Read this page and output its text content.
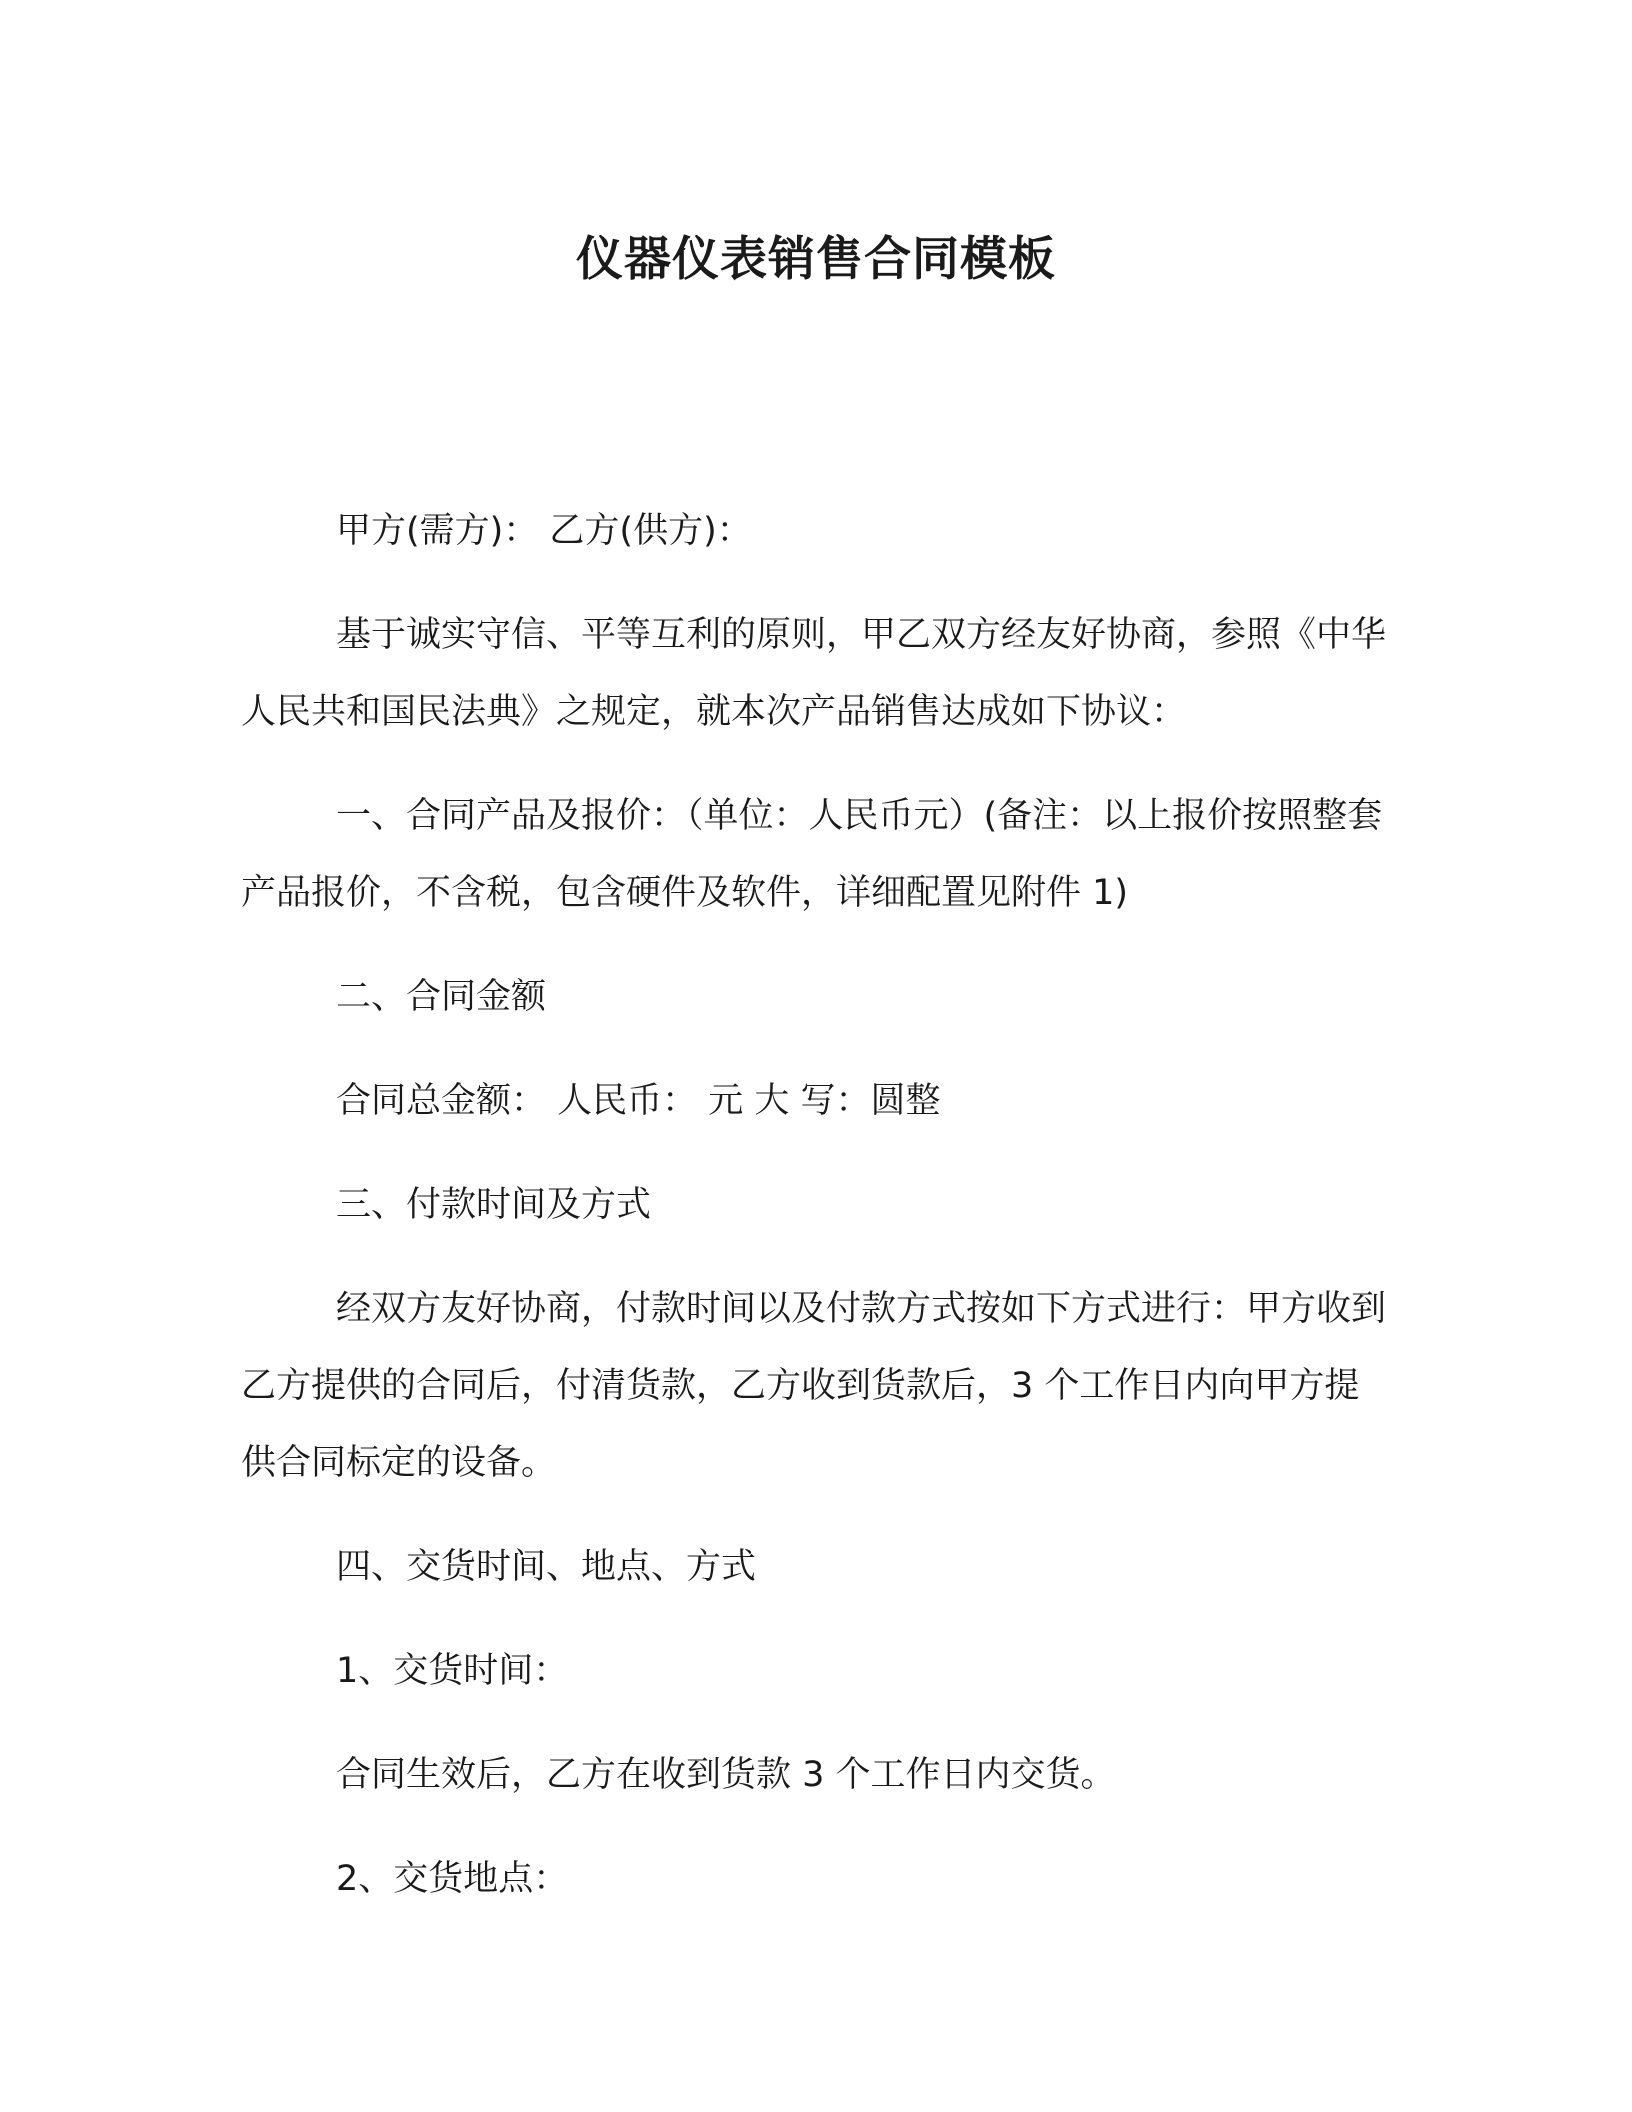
仪器仪表销售合同模板

甲方(需方)： 乙方(供方)：

基于诚实守信、平等互利的原则，甲乙双方经友好协商，参照《中华人民共和国民法典》之规定，就本次产品销售达成如下协议：

一、合同产品及报价：（单位：人民币元）(备注：以上报价按照整套产品报价，不含税，包含硬件及软件，详细配置见附件 1)

二、合同金额

合同总金额： 人民币： 元 大 写：圆整

三、付款时间及方式

经双方友好协商，付款时间以及付款方式按如下方式进行：甲方收到乙方提供的合同后，付清货款，乙方收到货款后，3 个工作日内向甲方提供合同标定的设备。

四、交货时间、地点、方式

1、交货时间：

合同生效后，乙方在收到货款 3 个工作日内交货。

2、交货地点：
